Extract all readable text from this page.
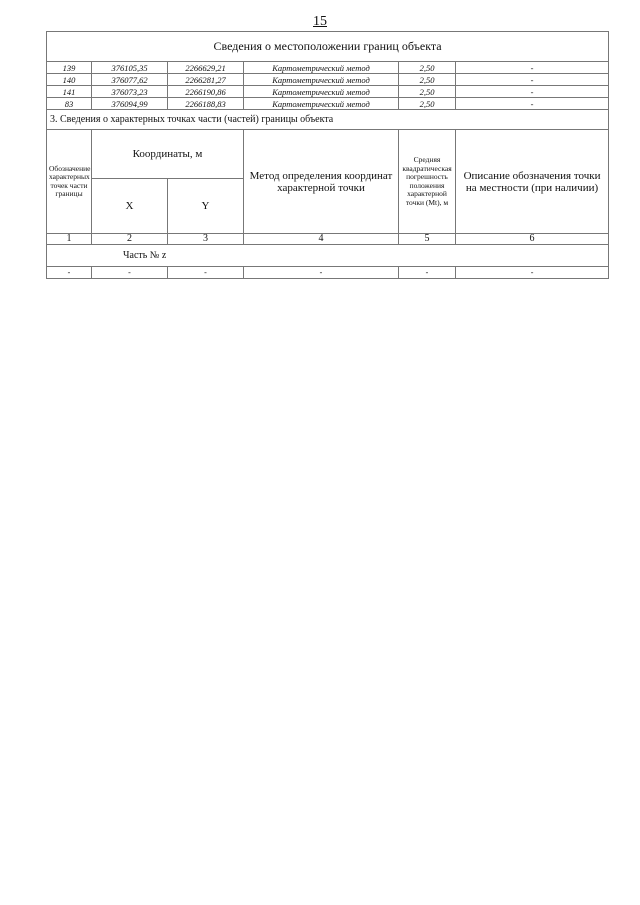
15
Сведения о местоположении границ объекта					
139	376105,35	2266629,21	Картометрический метод	2,50	-
140	376077,62	2266281,27	Картометрический метод	2,50	-
141	376073,23	2266190,86	Картометрический метод	2,50	-
83	376094,99	2266188,83	Картометрический метод	2,50	-
3. Сведения о характерных точках части (частей) границы объекта					
Обозначение характерных точек части границы	Координаты, м		Метод определения координат характерной точки	Средняя квадратическая погрешность положения характерной точки (Mt), м	Описание обозначения точки на местности (при наличии)
	X	Y			
1	2	3	4	5	6
Часть № z					
-	-	-	-	-	-
